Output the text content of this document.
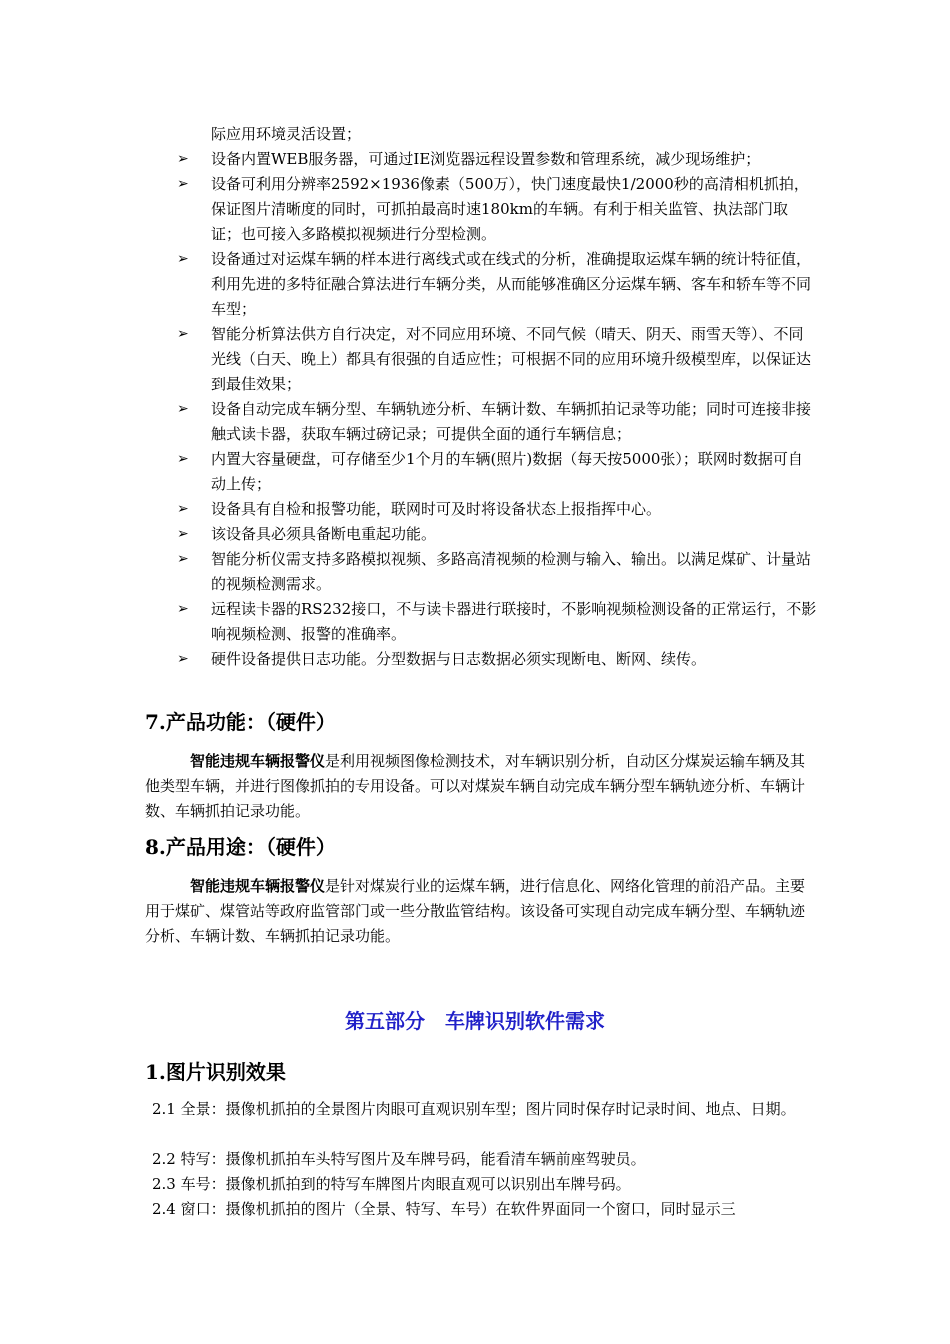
际应用环境灵活设置；
➢ 设备内置WEB服务器，可通过IE浏览器远程设置参数和管理系统，减少现场维护；
➢ 设备可利用分辨率2592×1936像素（500万），快门速度最快1/2000秒的高清相机抓拍，保证图片清晰度的同时，可抓拍最高时速180km的车辆。有利于相关监管、执法部门取证；也可接入多路模拟视频进行分型检测。
➢ 设备通过对运煤车辆的样本进行离线式或在线式的分析，准确提取运煤车辆的统计特征值，利用先进的多特征融合算法进行车辆分类，从而能够准确区分运煤车辆、客车和轿车等不同车型；
➢ 智能分析算法供方自行决定，对不同应用环境、不同气候（晴天、阴天、雨雪天等）、不同光线（白天、晚上）都具有很强的自适应性；可根据不同的应用环境升级模型库，以保证达到最佳效果；
➢ 设备自动完成车辆分型、车辆轨迹分析、车辆计数、车辆抓拍记录等功能；同时可连接非接触式读卡器，获取车辆过磅记录；可提供全面的通行车辆信息；
➢ 内置大容量硬盘，可存储至少1个月的车辆(照片)数据（每天按5000张）；联网时数据可自动上传；
➢ 设备具有自检和报警功能，联网时可及时将设备状态上报指挥中心。
➢ 该设备具必须具备断电重起功能。
➢ 智能分析仪需支持多路模拟视频、多路高清视频的检测与输入、输出。以满足煤矿、计量站的视频检测需求。
➢ 远程读卡器的RS232接口，不与读卡器进行联接时，不影响视频检测设备的正常运行，不影响视频检测、报警的准确率。
➢ 硬件设备提供日志功能。分型数据与日志数据必须实现断电、断网、续传。
7.产品功能：（硬件）

智能违规车辆报警仪是利用视频图像检测技术，对车辆识别分析，自动区分煤炭运输车辆及其他类型车辆，并进行图像抓拍的专用设备。可以对煤炭车辆自动完成车辆分型车辆轨迹分析、车辆计数、车辆抓拍记录功能。

8.产品用途：（硬件）

智能违规车辆报警仪是针对煤炭行业的运煤车辆，进行信息化、网络化管理的前沿产品。主要用于煤矿、煤管站等政府监管部门或一些分散监管结构。该设备可实现自动完成车辆分型、车辆轨迹分析、车辆计数、车辆抓拍记录功能。

第五部分　车牌识别软件需求
1.图片识别效果

2.1 全景：摄像机抓拍的全景图片肉眼可直观识别车型；图片同时保存时记录时间、地点、日期。

2.2 特写：摄像机抓拍车头特写图片及车牌号码，能看清车辆前座驾驶员。

2.3 车号：摄像机抓拍到的特写车牌图片肉眼直观可以识别出车牌号码。

2.4 窗口：摄像机抓拍的图片（全景、特写、车号）在软件界面同一个窗口，同时显示三
